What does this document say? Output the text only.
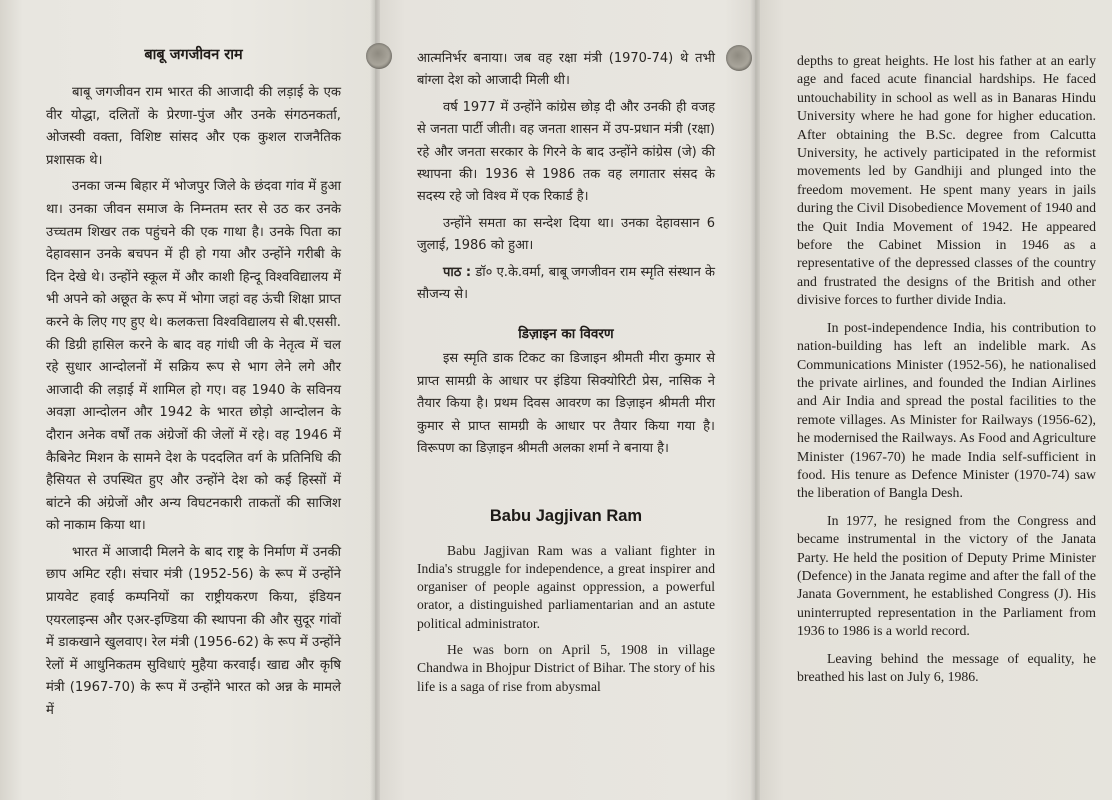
बाबू जगजीवन राम

बाबू जगजीवन राम भारत की आजादी की लड़ाई के एक वीर योद्धा, दलितों के प्रेरणा-पुंज और उनके संगठनकर्ता, ओजस्वी वक्ता, विशिष्ट सांसद और एक कुशल राजनैतिक प्रशासक थे।

उनका जन्म बिहार में भोजपुर जिले के छंदवा गांव में हुआ था। उनका जीवन समाज के निम्नतम स्तर से उठ कर उनके उच्चतम शिखर तक पहुंचने की एक गाथा है। उनके पिता का देहावसान उनके बचपन में ही हो गया और उन्होंने गरीबी के दिन देखे थे। उन्होंने स्कूल में और काशी हिन्दू विश्वविद्यालय में भी अपने को अछूत के रूप में भोगा जहां वह ऊंची शिक्षा प्राप्त करने के लिए गए हुए थे। कलकत्ता विश्वविद्यालय से बी.एससी. की डिग्री हासिल करने के बाद वह गांधी जी के नेतृत्व में चल रहे सुधार आन्दोलनों में सक्रिय रूप से भाग लेने लगे और आजादी की लड़ाई में शामिल हो गए। वह 1940 के सविनय अवज्ञा आन्दोलन और 1942 के भारत छोड़ो आन्दोलन के दौरान अनेक वर्षों तक अंग्रेजों की जेलों में रहे। वह 1946 में कैबिनेट मिशन के सामने देश के पददलित वर्ग के प्रतिनिधि की हैसियत से उपस्थित हुए और उन्होंने देश को कई हिस्सों में बांटने की अंग्रेजों और अन्य विघटनकारी ताकतों की साजिश को नाकाम किया था।

भारत में आजादी मिलने के बाद राष्ट्र के निर्माण में उनकी छाप अमिट रही। संचार मंत्री (1952-56) के रूप में उन्होंने प्रायवेट हवाई कम्पनियों का राष्ट्रीयकरण किया, इंडियन एयरलाइन्स और एअर-इण्डिया की स्थापना की और सुदूर गांवों में डाकखाने खुलवाए। रेल मंत्री (1956-62) के रूप में उन्होंने रेलों में आधुनिकतम सुविधाएं मुहैया करवाईं। खाद्य और कृषि मंत्री (1967-70) के रूप में उन्होंने भारत को अन्न के मामले में

आत्मनिर्भर बनाया। जब वह रक्षा मंत्री (1970-74) थे तभी बांग्ला देश को आजादी मिली थी।

वर्ष 1977 में उन्होंने कांग्रेस छोड़ दी और उनकी ही वजह से जनता पार्टी जीती। वह जनता शासन में उप-प्रधान मंत्री (रक्षा) रहे और जनता सरकार के गिरने के बाद उन्होंने कांग्रेस (जे) की स्थापना की। 1936 से 1986 तक वह लगातार संसद के सदस्य रहे जो विश्व में एक रिकार्ड है।

उन्होंने समता का सन्देश दिया था। उनका देहावसान 6 जुलाई, 1986 को हुआ।

पाठ : डॉ० ए.के.वर्मा, बाबू जगजीवन राम स्मृति संस्थान के सौजन्य से।

डिज़ाइन का विवरण

इस स्मृति डाक टिकट का डिजाइन श्रीमती मीरा कुमार से प्राप्त सामग्री के आधार पर इंडिया सिक्योरिटी प्रेस, नासिक ने तैयार किया है। प्रथम दिवस आवरण का डिज़ाइन श्रीमती मीरा कुमार से प्राप्त सामग्री के आधार पर तैयार किया गया है। विरूपण का डिज़ाइन श्रीमती अलका शर्मा ने बनाया है।

Babu Jagjivan Ram

Babu Jagjivan Ram was a valiant fighter in India's struggle for independence, a great inspirer and organiser of people against oppression, a powerful orator, a distinguished parliamentarian and an astute political administrator.

He was born on April 5, 1908 in village Chandwa in Bhojpur District of Bihar. The story of his life is a saga of rise from abysmal

depths to great heights. He lost his father at an early age and faced acute financial hardships. He faced untouchability in school as well as in Banaras Hindu University where he had gone for higher education. After obtaining the B.Sc. degree from Calcutta University, he actively participated in the reformist movements led by Gandhiji and plunged into the freedom movement. He spent many years in jails during the Civil Disobedience Movement of 1940 and the Quit India Movement of 1942. He appeared before the Cabinet Mission in 1946 as a representative of the depressed classes of the country and frustrated the designs of the British and other divisive forces to further divide India.

In post-independence India, his contribution to nation-building has left an indelible mark. As Communications Minister (1952-56), he nationalised the private airlines, and founded the Indian Airlines and Air India and spread the postal facilities to the remote villages. As Minister for Railways (1956-62), he modernised the Railways. As Food and Agriculture Minister (1967-70) he made India self-sufficient in food. His tenure as Defence Minister (1970-74) saw the liberation of Bangla Desh.

In 1977, he resigned from the Congress and became instrumental in the victory of the Janata Party. He held the position of Deputy Prime Minister (Defence) in the Janata regime and after the fall of the Janata Government, he established Congress (J). His uninterrupted representation in the Parliament from 1936 to 1986 is a world record.

Leaving behind the message of equality, he breathed his last on July 6, 1986.
